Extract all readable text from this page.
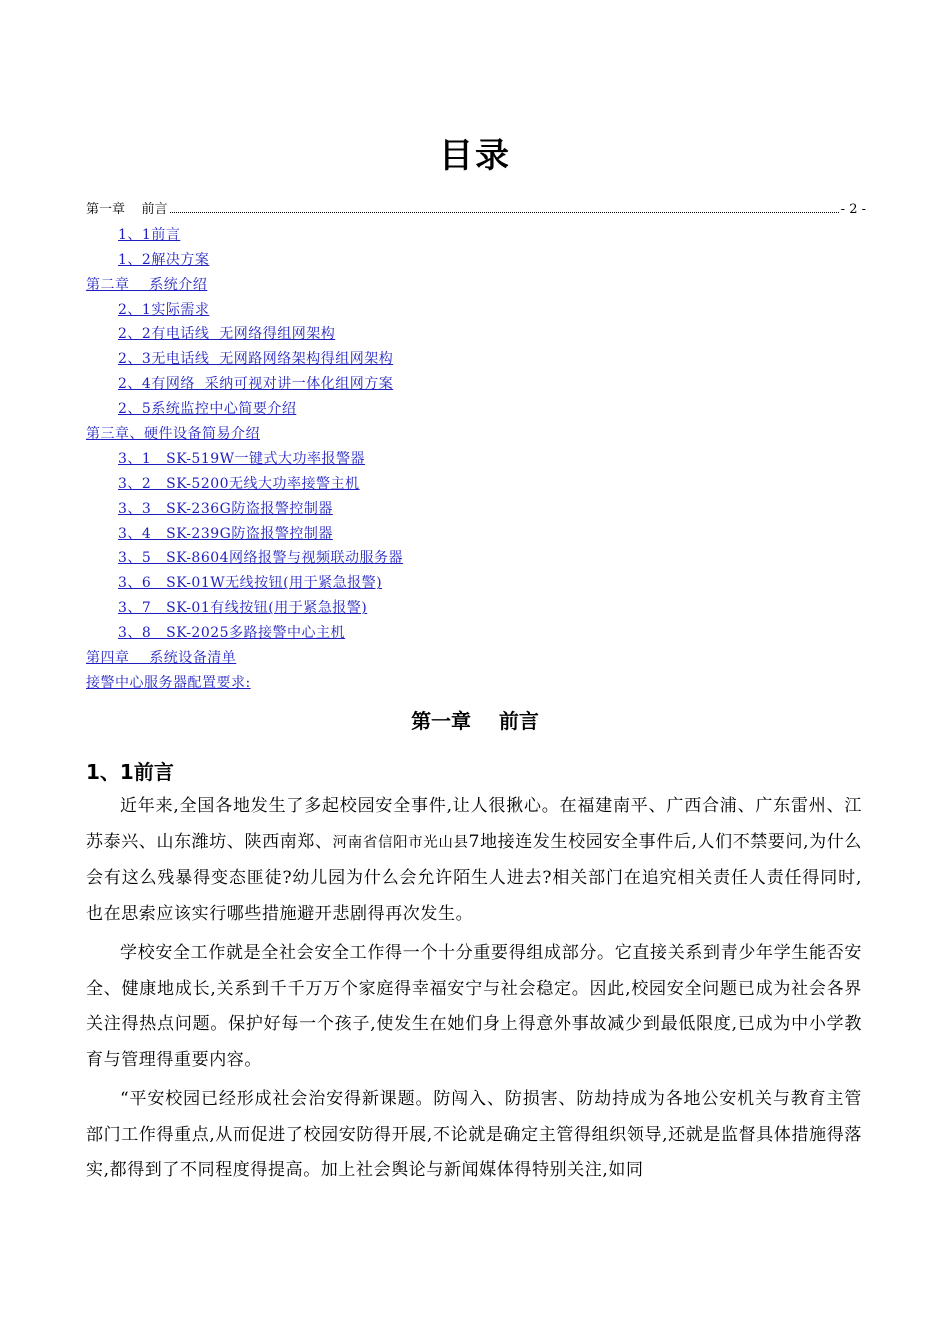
目录
第一章    前言	- 2 -
1、1前言
1、2解决方案
第二章    系统介绍
2、1实际需求
2、2有电话线  无网络得组网架构
2、3无电话线  无网路网络架构得组网架构
2、4有网络  采纳可视对讲一体化组网方案
2、5系统监控中心简要介绍
第三章、硬件设备简易介绍
3、1   SK-519W一键式大功率报警器
3、2   SK-5200无线大功率接警主机
3、3   SK-236G防盗报警控制器
3、4   SK-239G防盗报警控制器
3、5   SK-8604网络报警与视频联动服务器
3、6   SK-01W无线按钮(用于紧急报警)
3、7   SK-01有线按钮(用于紧急报警)
3、8   SK-2025多路接警中心主机
第四章    系统设备清单
接警中心服务器配置要求:
第一章    前言
1、1前言

近年来,全国各地发生了多起校园安全事件,让人很揪心。在福建南平、广西合浦、广东雷州、江苏泰兴、山东潍坊、陕西南郑、河南省信阳市光山县7地接连发生校园安全事件后,人们不禁要问,为什么会有这么残暴得变态匪徒?幼儿园为什么会允许陌生人进去?相关部门在追究相关责任人责任得同时,也在思索应该实行哪些措施避开悲剧得再次发生。

学校安全工作就是全社会安全工作得一个十分重要得组成部分。它直接关系到青少年学生能否安全、健康地成长,关系到千千万万个家庭得幸福安宁与社会稳定。因此,校园安全问题已成为社会各界关注得热点问题。保护好每一个孩子,使发生在她们身上得意外事故减少到最低限度,已成为中小学教育与管理得重要内容。

“平安校园已经形成社会治安得新课题。防闯入、防损害、防劫持成为各地公安机关与教育主管部门工作得重点,从而促进了校园安防得开展,不论就是确定主管得组织领导,还就是监督具体措施得落实,都得到了不同程度得提高。加上社会舆论与新闻媒体得特别关注,如同
